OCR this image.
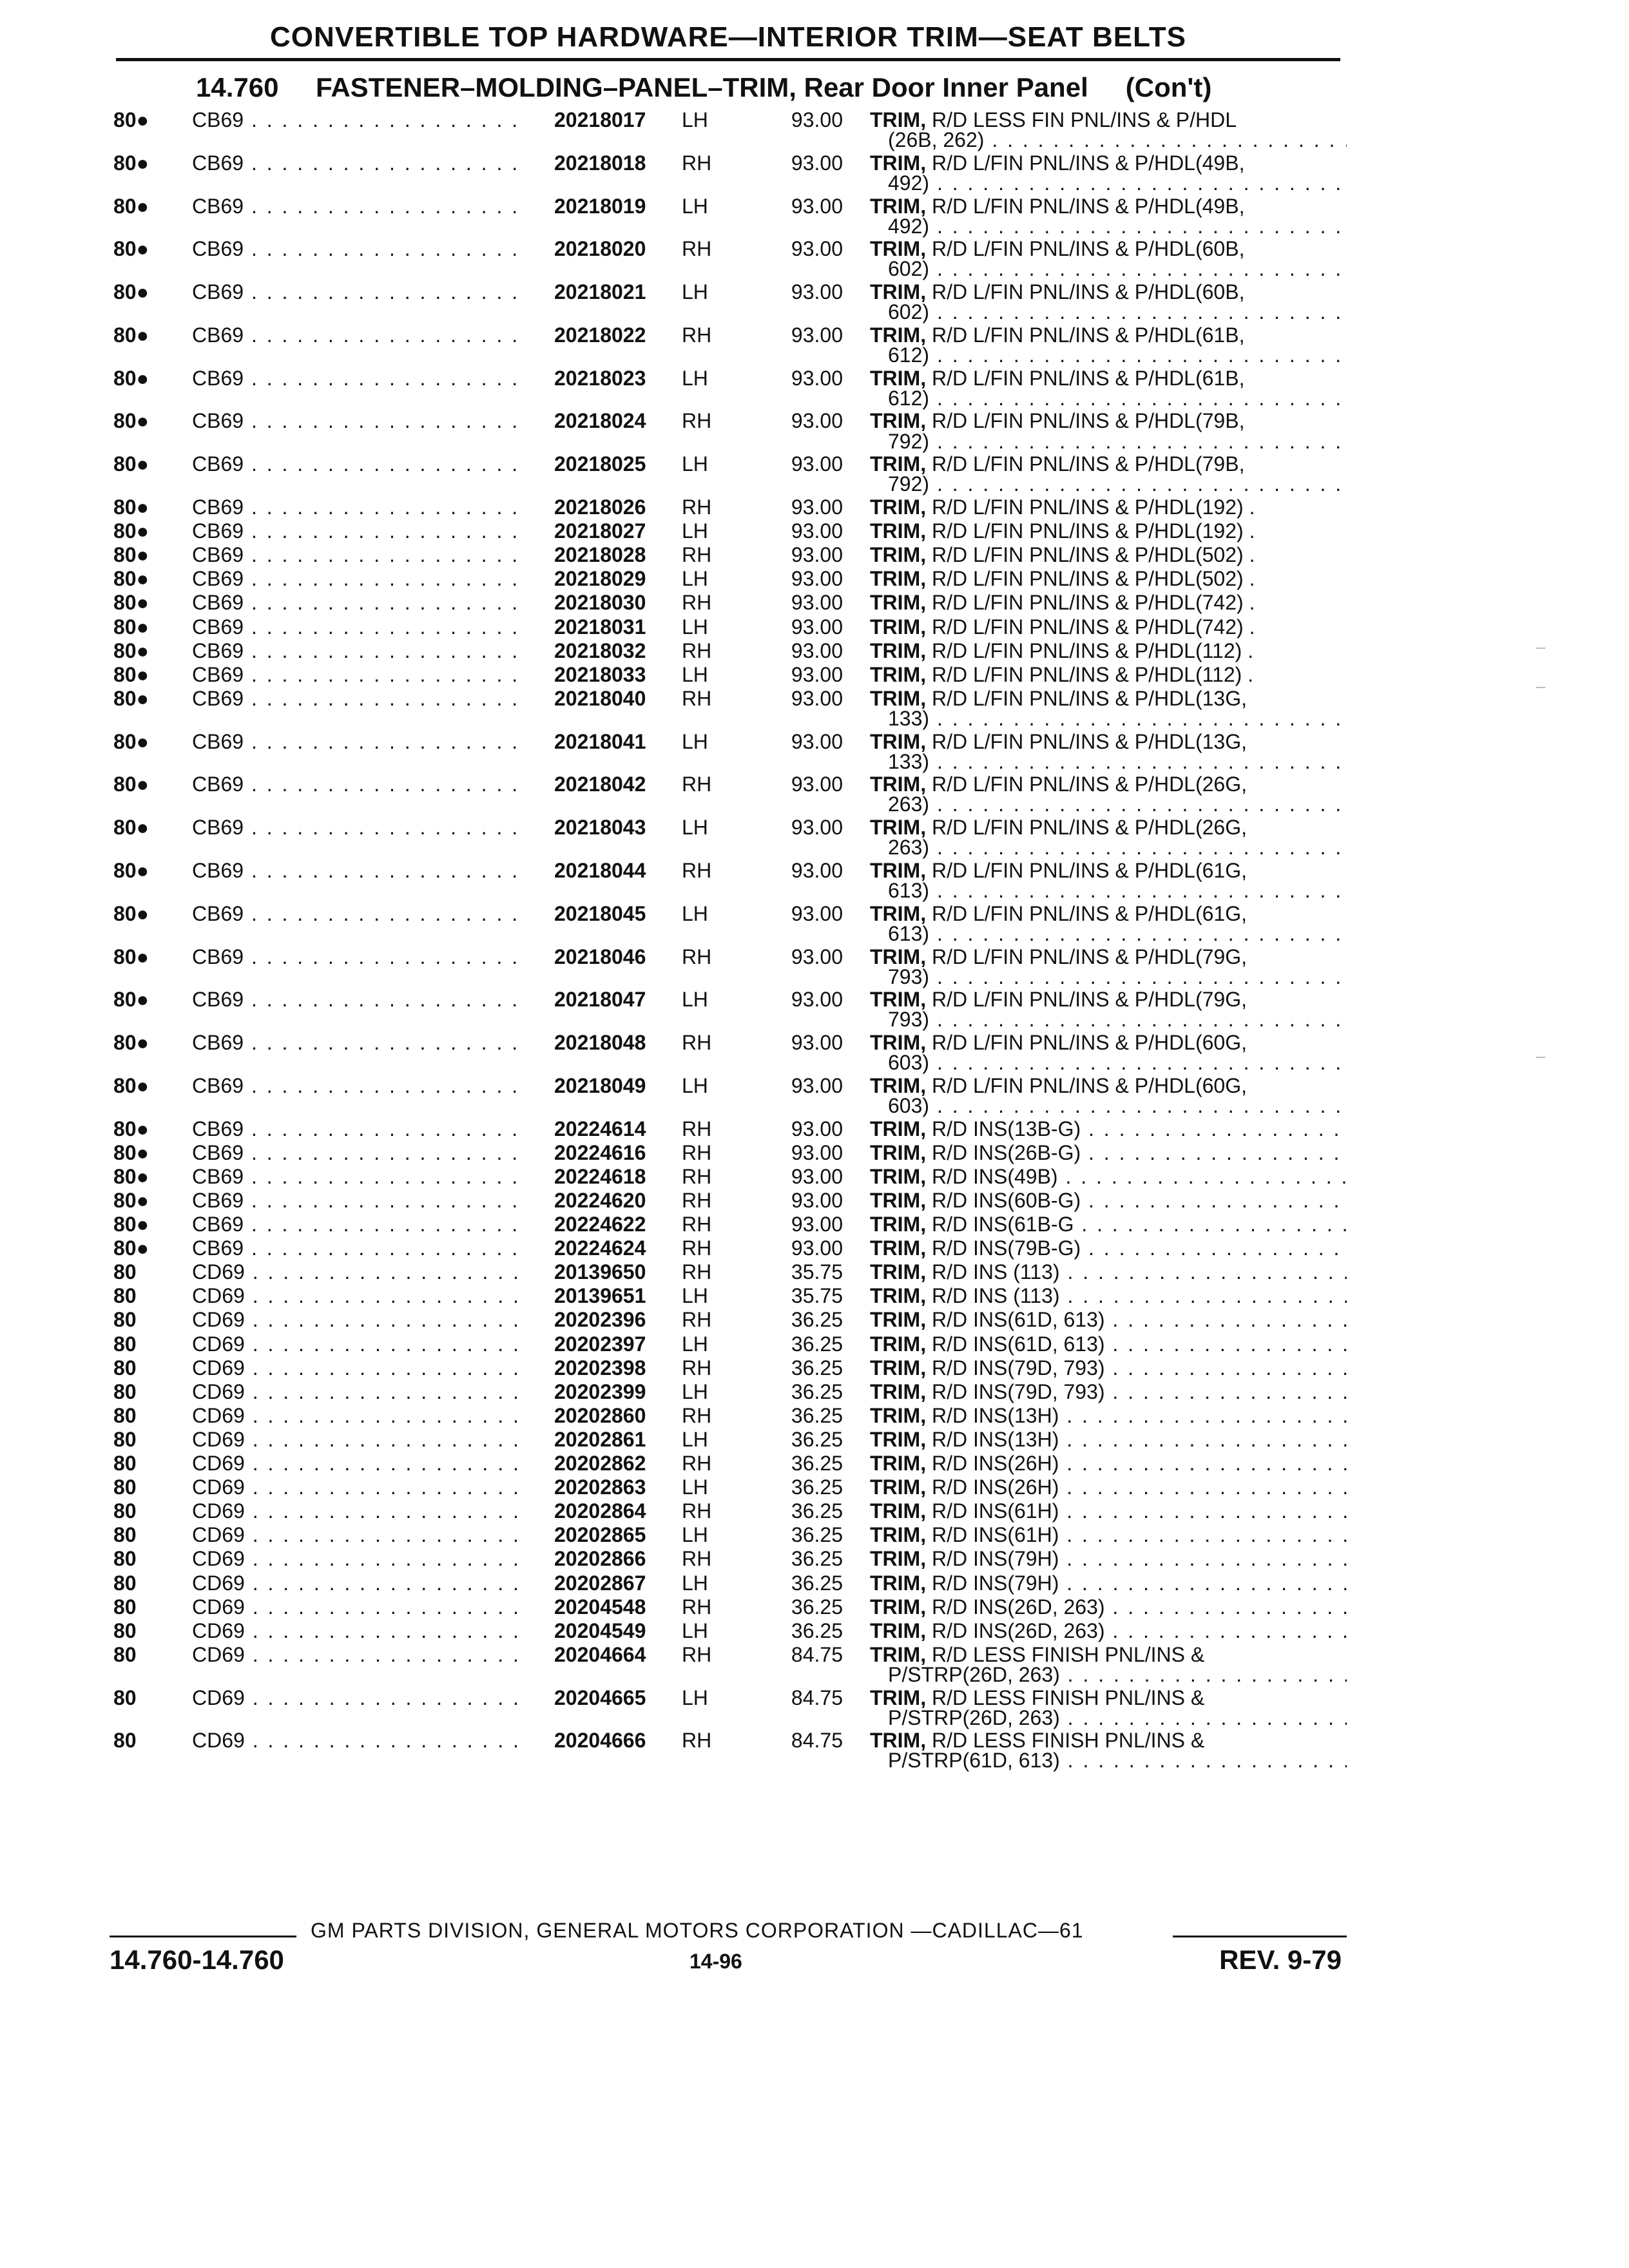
CONVERTIBLE TOP HARDWARE—INTERIOR TRIM—SEAT BELTS
14.760 FASTENER–MOLDING–PANEL–TRIM, Rear Door Inner Panel (Con't)
80● CB69 . . .	20218017 LH	93.00 TRIM, R/D LESS FIN PNL/INS & P/HDL
(26B, 262) . . .
80● CB69 . . .	20218018 RH	93.00 TRIM, R/D L/FIN PNL/INS & P/HDL(49B,
492) . . .
80● CB69 . . .	20218019 LH	93.00 TRIM, R/D L/FIN PNL/INS & P/HDL(49B,
492) . . .
80● CB69 . . .	20218020 RH	93.00 TRIM, R/D L/FIN PNL/INS & P/HDL(60B,
602) . . .
80● CB69 . . .	20218021 LH	93.00 TRIM, R/D L/FIN PNL/INS & P/HDL(60B,
602) . . .
80● CB69 . . .	20218022 RH	93.00 TRIM, R/D L/FIN PNL/INS & P/HDL(61B,
612) . . .
80● CB69 . . .	20218023 LH	93.00 TRIM, R/D L/FIN PNL/INS & P/HDL(61B,
612) . . .
80● CB69 . . .	20218024 RH	93.00 TRIM, R/D L/FIN PNL/INS & P/HDL(79B,
792) . . .
80● CB69 . . .	20218025 LH	93.00 TRIM, R/D L/FIN PNL/INS & P/HDL(79B,
792) . . .
80● CB69 . . .	20218026 RH	93.00 TRIM, R/D L/FIN PNL/INS & P/HDL(192) .
80● CB69 . . .	20218027 LH	93.00 TRIM, R/D L/FIN PNL/INS & P/HDL(192) .
80● CB69 . . .	20218028 RH	93.00 TRIM, R/D L/FIN PNL/INS & P/HDL(502) .
80● CB69 . . .	20218029 LH	93.00 TRIM, R/D L/FIN PNL/INS & P/HDL(502) .
80● CB69 . . .	20218030 RH	93.00 TRIM, R/D L/FIN PNL/INS & P/HDL(742) .
80● CB69 . . .	20218031 LH	93.00 TRIM, R/D L/FIN PNL/INS & P/HDL(742) .
80● CB69 . . .	20218032 RH	93.00 TRIM, R/D L/FIN PNL/INS & P/HDL(112) .
80● CB69 . . .	20218033 LH	93.00 TRIM, R/D L/FIN PNL/INS & P/HDL(112) .
80● CB69 . . .	20218040 RH	93.00 TRIM, R/D L/FIN PNL/INS & P/HDL(13G,
133) . . .
80● CB69 . . .	20218041 LH	93.00 TRIM, R/D L/FIN PNL/INS & P/HDL(13G,
133) . . .
80● CB69 . . .	20218042 RH	93.00 TRIM, R/D L/FIN PNL/INS & P/HDL(26G,
263) . . .
80● CB69 . . .	20218043 LH	93.00 TRIM, R/D L/FIN PNL/INS & P/HDL(26G,
263) . . .
80● CB69 . . .	20218044 RH	93.00 TRIM, R/D L/FIN PNL/INS & P/HDL(61G,
613) . . .
80● CB69 . . .	20218045 LH	93.00 TRIM, R/D L/FIN PNL/INS & P/HDL(61G,
613) . . .
80● CB69 . . .	20218046 RH	93.00 TRIM, R/D L/FIN PNL/INS & P/HDL(79G,
793) . . .
80● CB69 . . .	20218047 LH	93.00 TRIM, R/D L/FIN PNL/INS & P/HDL(79G,
793) . . .
80● CB69 . . .	20218048 RH	93.00 TRIM, R/D L/FIN PNL/INS & P/HDL(60G,
603) . . .
80● CB69 . . .	20218049 LH	93.00 TRIM, R/D L/FIN PNL/INS & P/HDL(60G,
603) . . .
80● CB69 . . .	20224614 RH	93.00 TRIM, R/D INS(13B-G) . . .
80● CB69 . . .	20224616 RH	93.00 TRIM, R/D INS(26B-G) . . .
80● CB69 . . .	20224618 RH	93.00 TRIM, R/D INS(49B) . . .
80● CB69 . . .	20224620 RH	93.00 TRIM, R/D INS(60B-G) . . .
80● CB69 . . .	20224622 RH	93.00 TRIM, R/D INS(61B-G . . .
80● CB69 . . .	20224624 RH	93.00 TRIM, R/D INS(79B-G) . . .
80	CD69 . . .	20139650 RH	35.75 TRIM, R/D INS (113) . . .
80	CD69 . . .	20139651 LH	35.75 TRIM, R/D INS (113) . . .
80	CD69 . . .	20202396 RH	36.25 TRIM, R/D INS(61D, 613) . . .
80	CD69 . . .	20202397 LH	36.25 TRIM, R/D INS(61D, 613) . . .
80	CD69 . . .	20202398 RH	36.25 TRIM, R/D INS(79D, 793) . . .
80	CD69 . . .	20202399 LH	36.25 TRIM, R/D INS(79D, 793) . . .
80	CD69 . . .	20202860 RH	36.25 TRIM, R/D INS(13H) . . .
80	CD69 . . .	20202861 LH	36.25 TRIM, R/D INS(13H) . . .
80	CD69 . . .	20202862 RH	36.25 TRIM, R/D INS(26H) . . .
80	CD69 . . .	20202863 LH	36.25 TRIM, R/D INS(26H) . . .
80	CD69 . . .	20202864 RH	36.25 TRIM, R/D INS(61H) . . .
80	CD69 . . .	20202865 LH	36.25 TRIM, R/D INS(61H) . . .
80	CD69 . . .	20202866 RH	36.25 TRIM, R/D INS(79H) . . .
80	CD69 . . .	20202867 LH	36.25 TRIM, R/D INS(79H) . . .
80	CD69 . . .	20204548 RH	36.25 TRIM, R/D INS(26D, 263) . . .
80	CD69 . . .	20204549 LH	36.25 TRIM, R/D INS(26D, 263) . . .
80	CD69 . . .	20204664 RH	84.75 TRIM, R/D LESS FINISH PNL/INS &
P/STRP(26D, 263) . . .
80	CD69 . . .	20204665 LH	84.75 TRIM, R/D LESS FINISH PNL/INS &
P/STRP(26D, 263) . . .
80	CD69 . . .	20204666 RH	84.75 TRIM, R/D LESS FINISH PNL/INS &
P/STRP(61D, 613) . . .
GM PARTS DIVISION, GENERAL MOTORS CORPORATION —CADILLAC—61
14.760-14.760	14-96	REV. 9-79
